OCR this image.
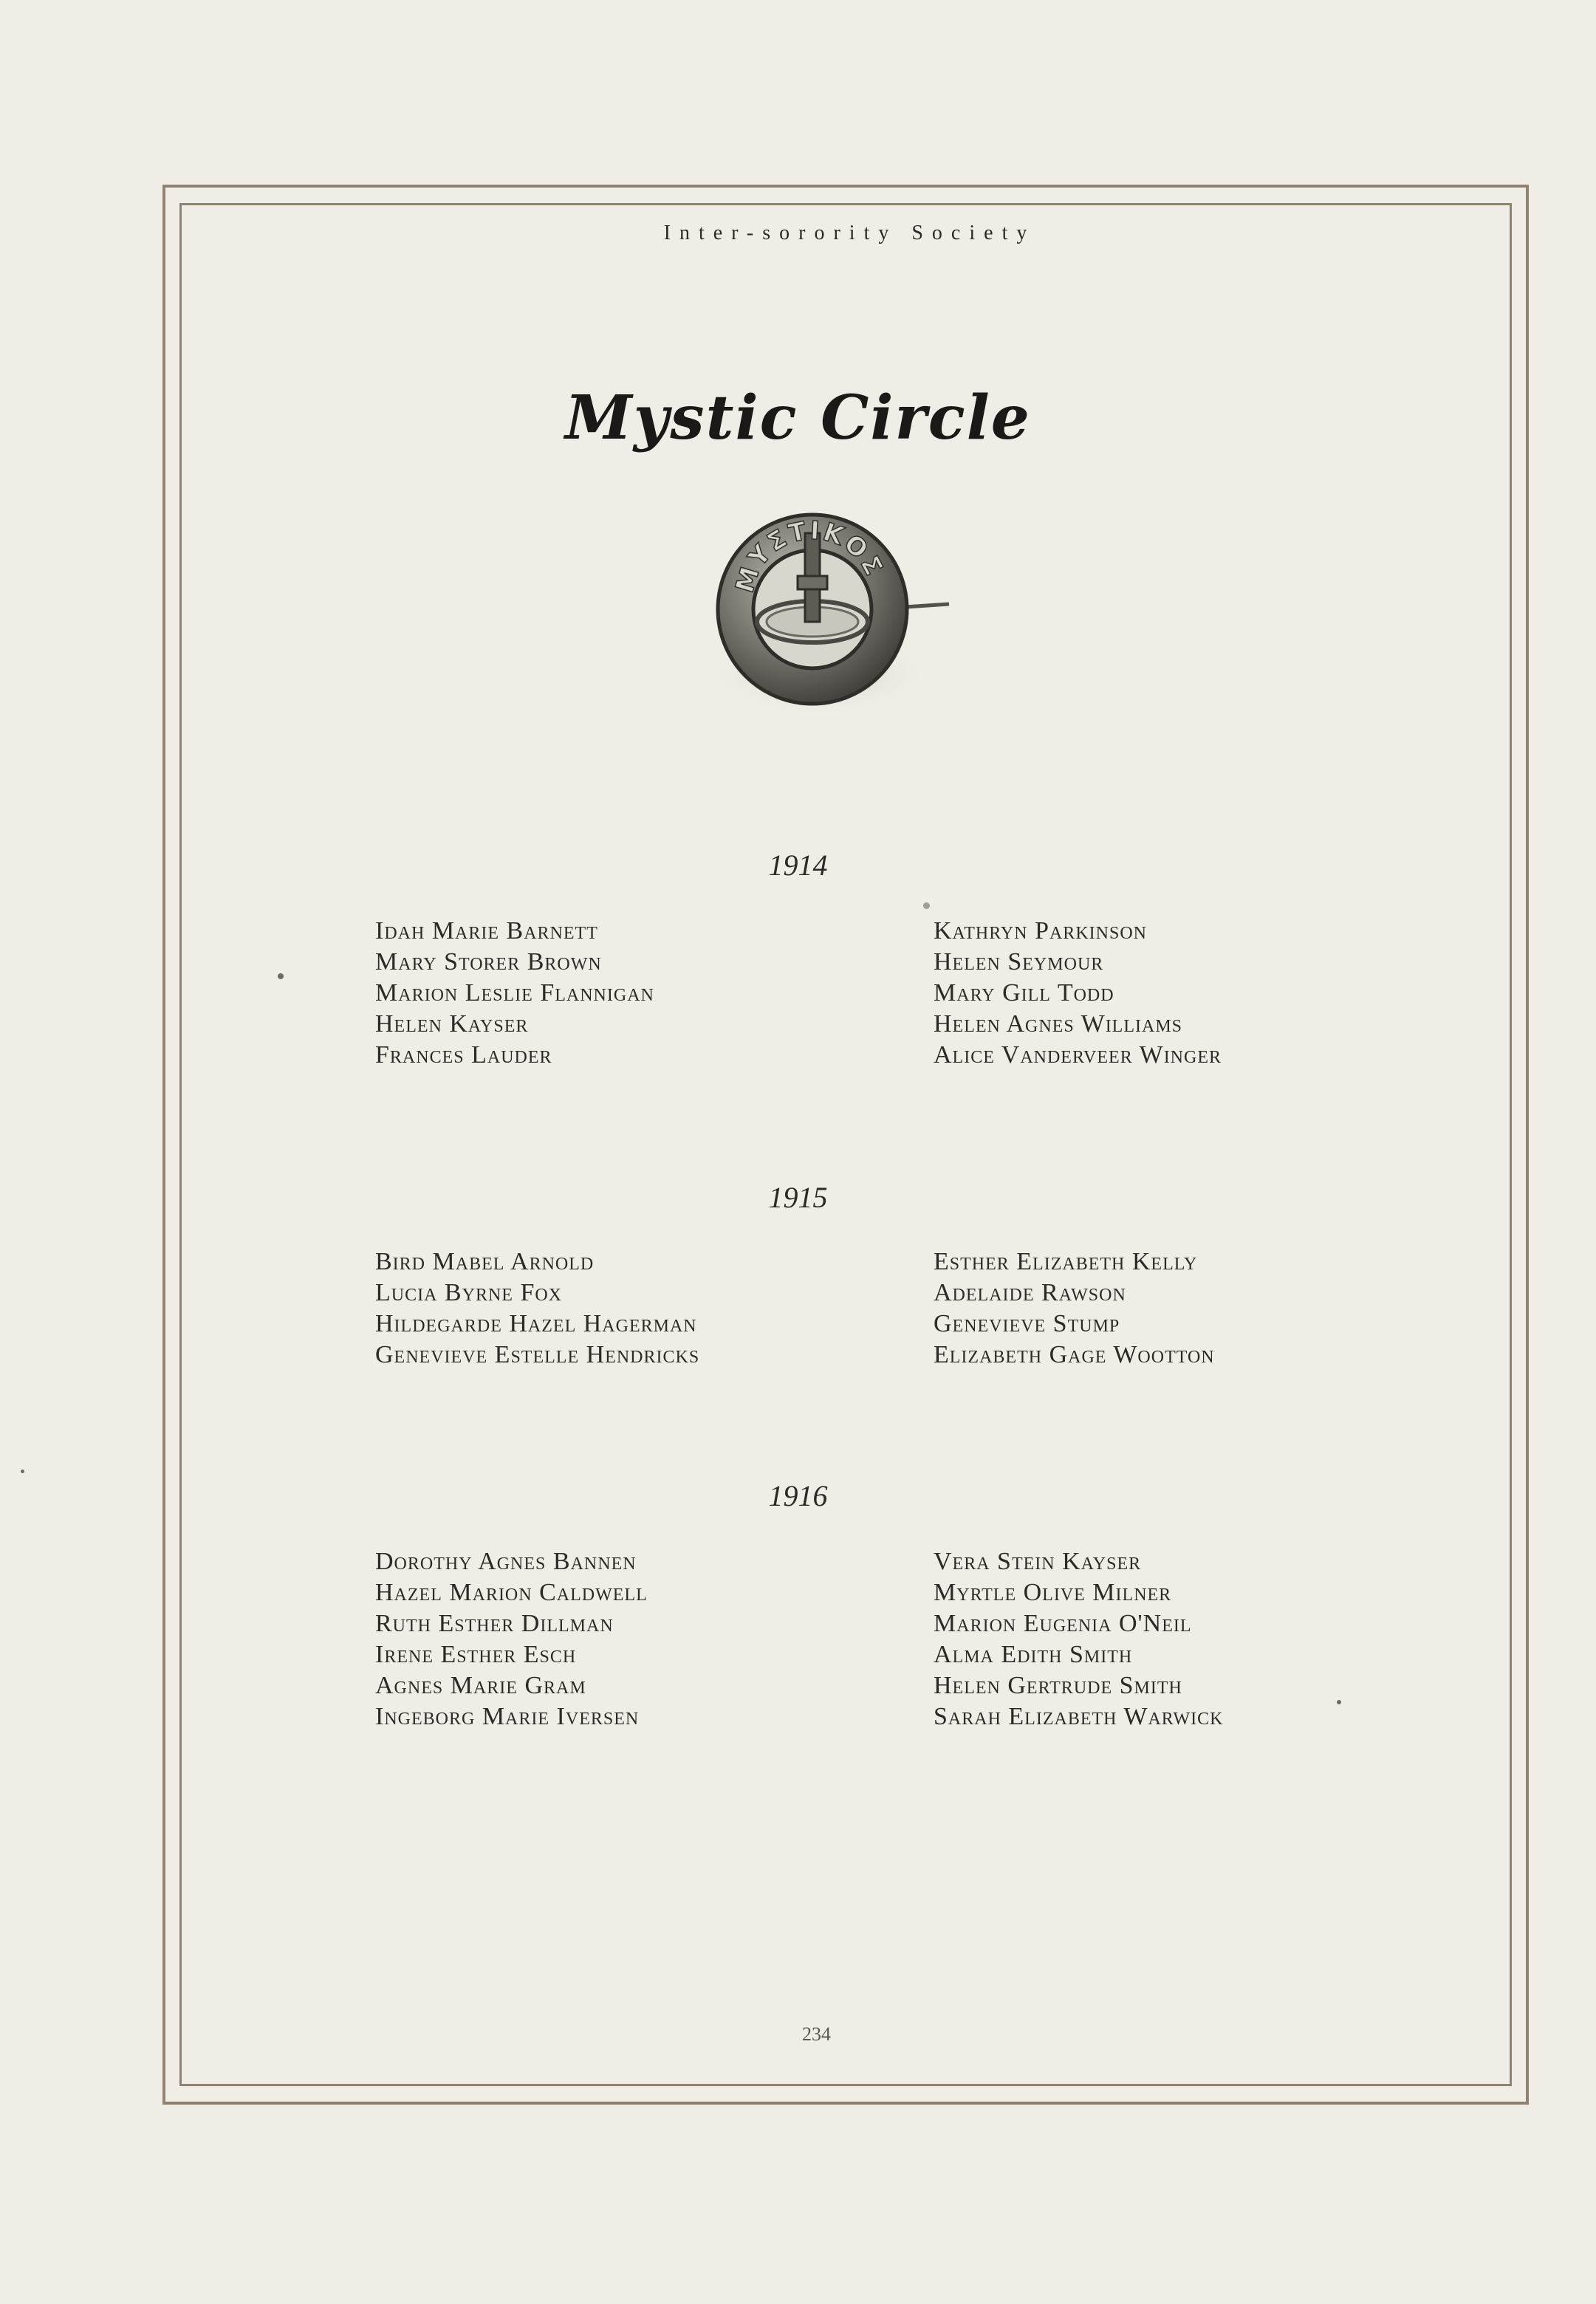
Inter-sorority Society
Mystic Circle
ΜΥΣΤΙΚΟΣ
1914
Idah Marie Barnett
Mary Storer Brown
Marion Leslie Flannigan
Helen Kayser
Frances Lauder
Kathryn Parkinson
Helen Seymour
Mary Gill Todd
Helen Agnes Williams
Alice Vanderveer Winger
1915
Bird Mabel Arnold
Lucia Byrne Fox
Hildegarde Hazel Hagerman
Genevieve Estelle Hendricks
Esther Elizabeth Kelly
Adelaide Rawson
Genevieve Stump
Elizabeth Gage Wootton
1916
Dorothy Agnes Bannen
Hazel Marion Caldwell
Ruth Esther Dillman
Irene Esther Esch
Agnes Marie Gram
Ingeborg Marie Iversen
Vera Stein Kayser
Myrtle Olive Milner
Marion Eugenia O'Neil
Alma Edith Smith
Helen Gertrude Smith
Sarah Elizabeth Warwick
234
